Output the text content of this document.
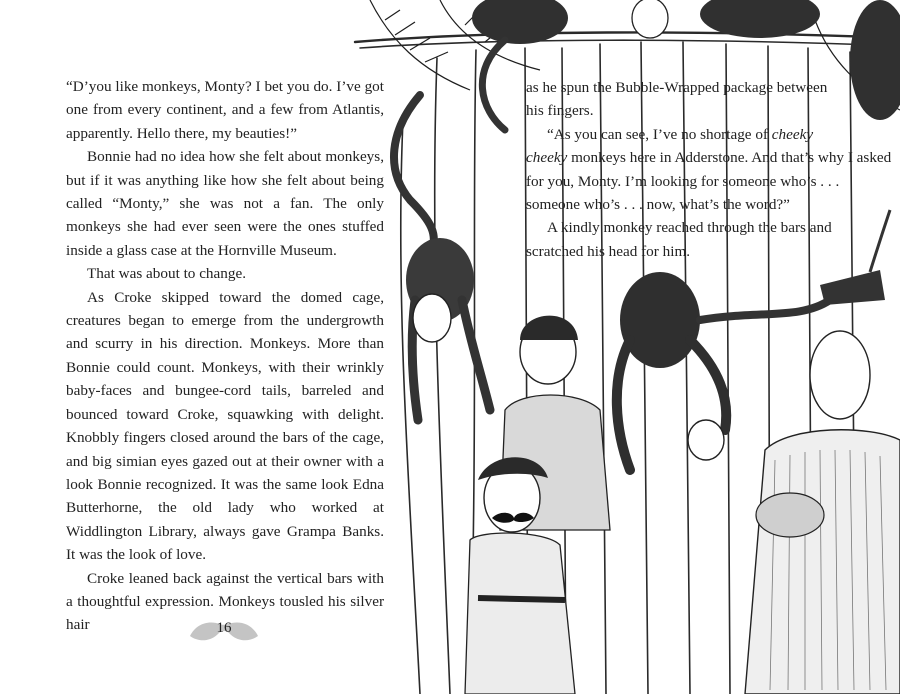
“D’you like monkeys, Monty? I bet you do. I’ve got one from every continent, and a few from Atlantis, apparently. Hello there, my beauties!”

Bonnie had no idea how she felt about monkeys, but if it was anything like how she felt about being called “Monty,” she was not a fan. The only monkeys she had ever seen were the ones stuffed inside a glass case at the Hornville Museum.

That was about to change.

As Croke skipped toward the domed cage, creatures began to emerge from the undergrowth and scurry in his direction. Monkeys. More than Bonnie could count. Monkeys, with their wrinkly baby-faces and bungee-cord tails, barreled and bounced toward Croke, squawking with delight. Knobbly fingers closed around the bars of the cage, and big simian eyes gazed out at their owner with a look Bonnie recognized. It was the same look Edna Butterhorne, the old lady who worked at Widdlington Library, always gave Grampa Banks. It was the look of love.

Croke leaned back against the vertical bars with a thoughtful expression. Monkeys tousled his silver hair

as he spun the Bubble-Wrapped package between
his fingers.
“As you can see, I’ve no shortage of cheeky
cheeky monkeys here in Adderstone. And that’s why I asked
for you, Monty. I’m looking for someone who’s . . .
someone who’s . . . now, what’s the word?”
A kindly monkey reached through the bars and
scratched his head for him.
16
